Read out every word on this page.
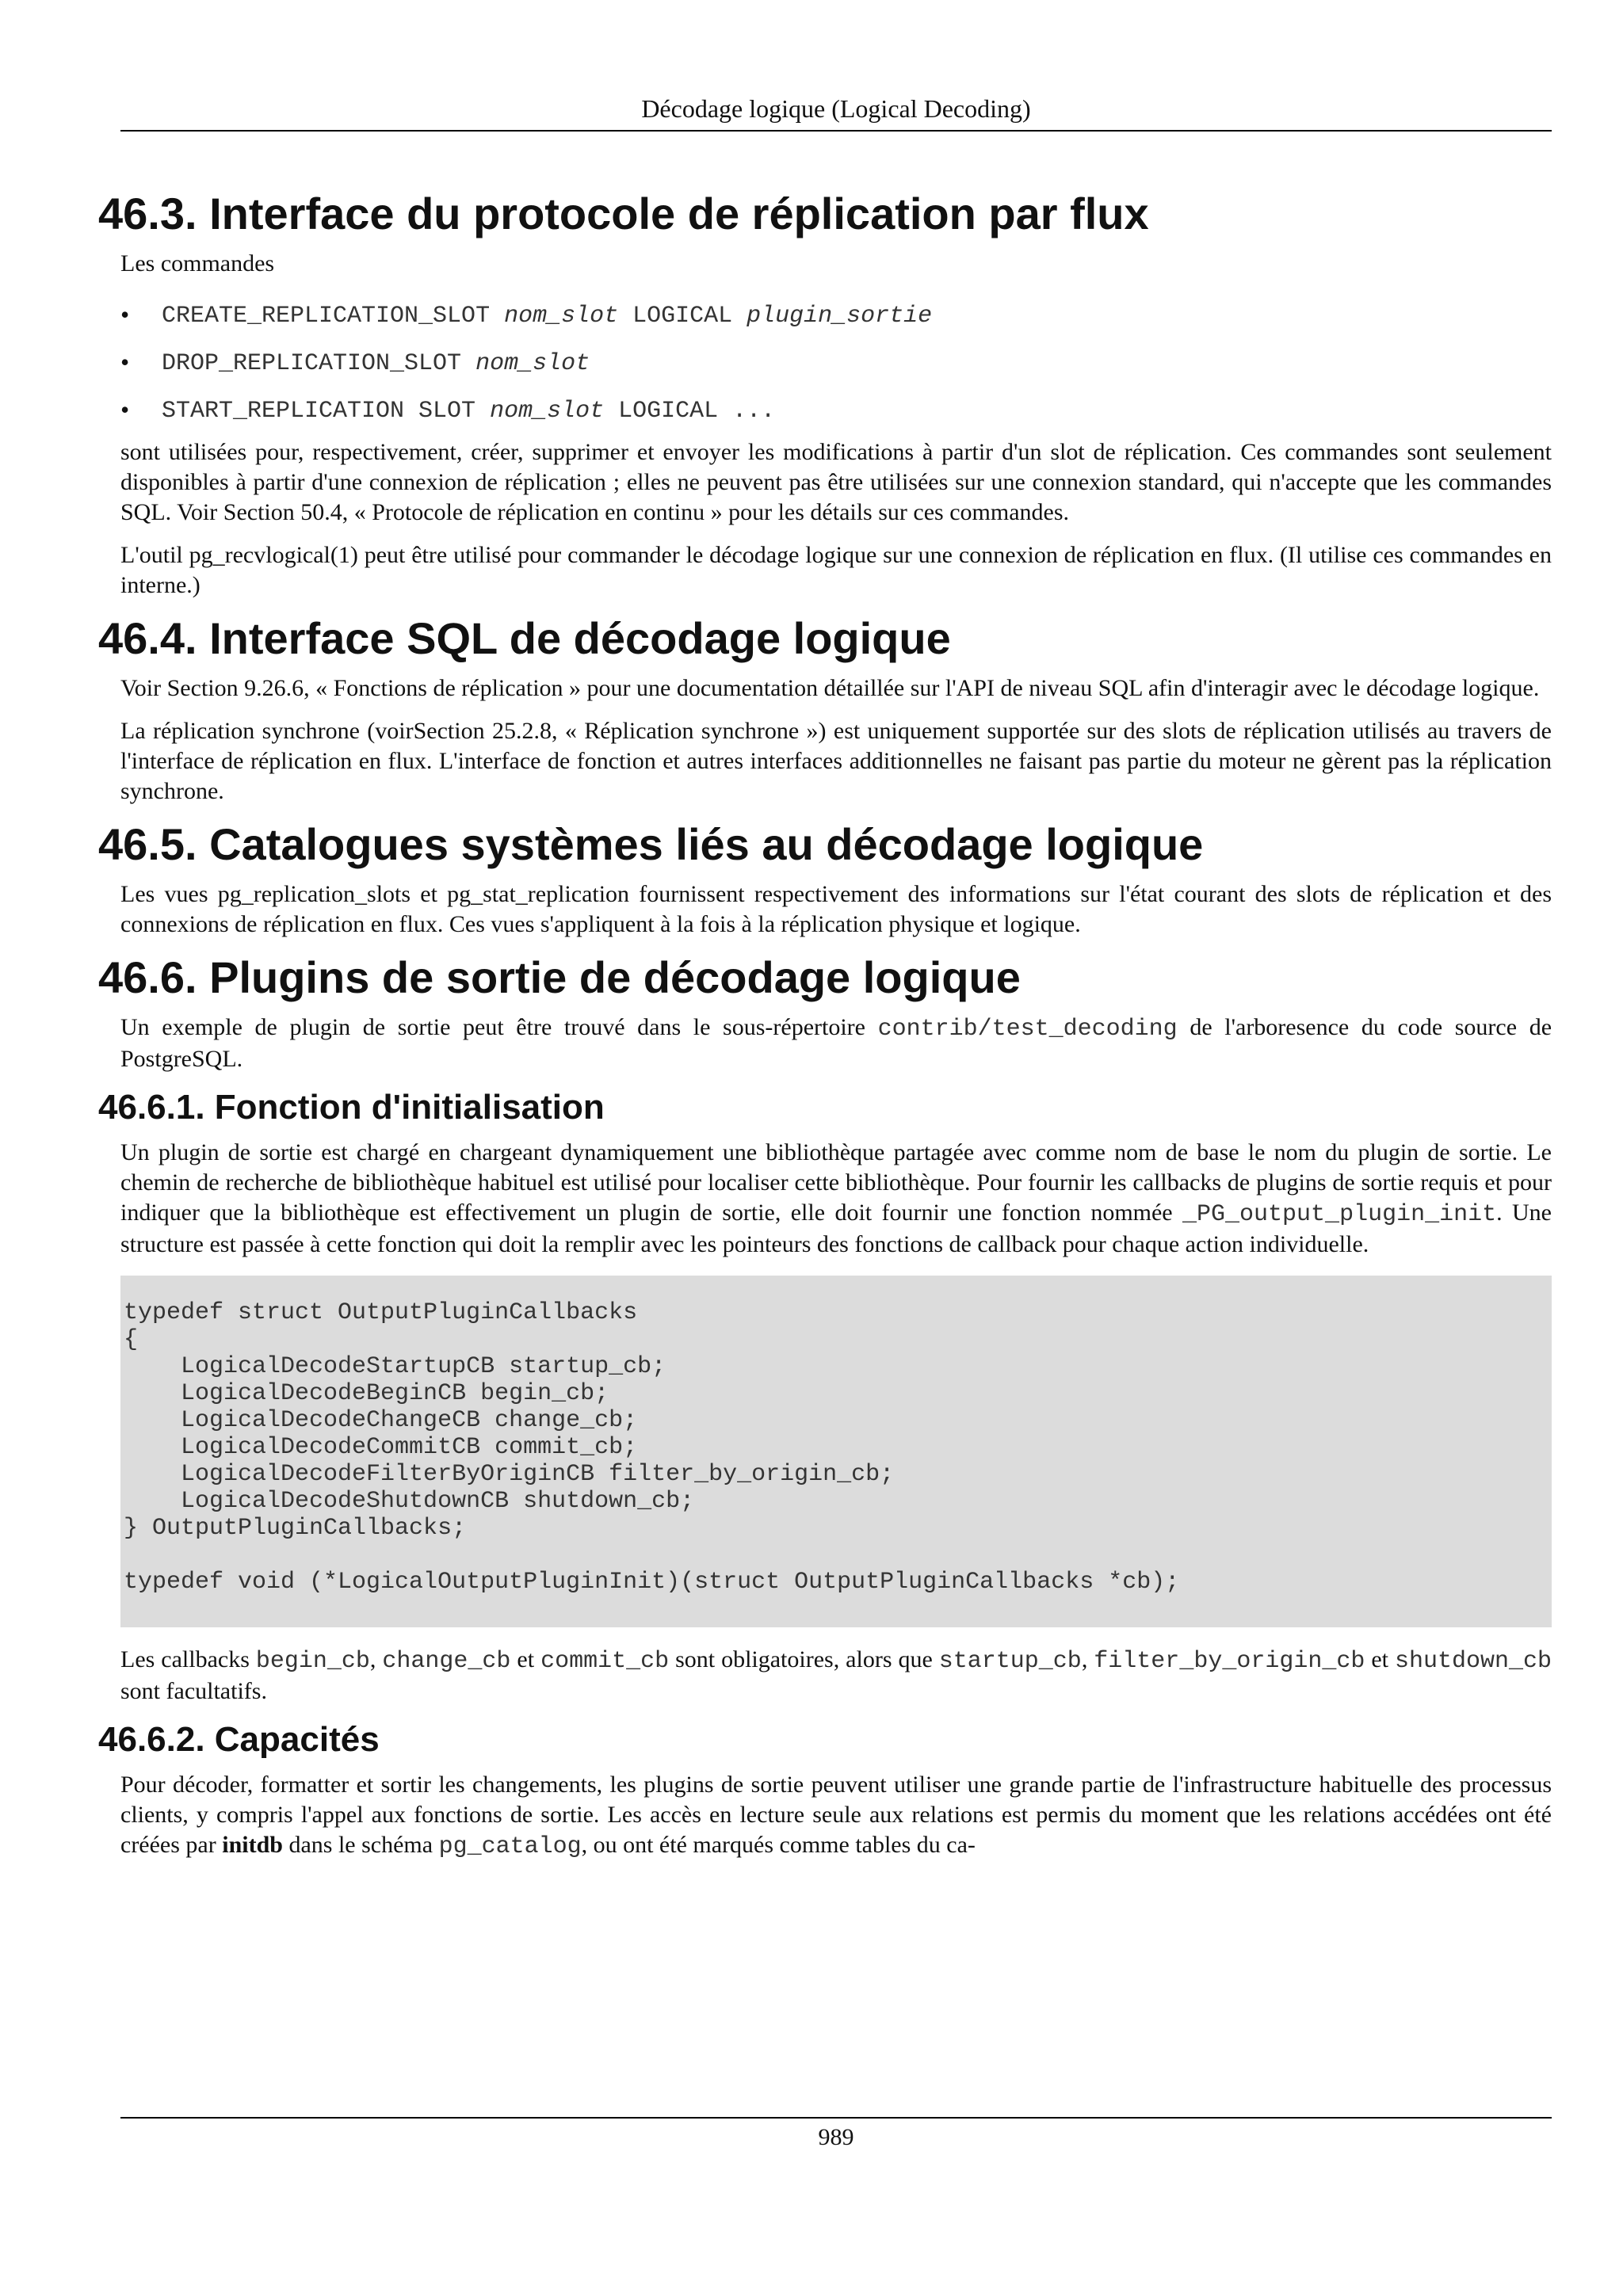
Décodage logique (Logical Decoding)
46.3. Interface du protocole de réplication par flux

Les commandes

• CREATE_REPLICATION_SLOT nom_slot LOGICAL plugin_sortie
• DROP_REPLICATION_SLOT nom_slot
• START_REPLICATION SLOT nom_slot LOGICAL ...

sont utilisées pour, respectivement, créer, supprimer et envoyer les modifications à partir d'un slot de réplication. Ces commandes sont seulement disponibles à partir d'une connexion de réplication ; elles ne peuvent pas être utilisées sur une connexion standard, qui n'accepte que les commandes SQL. Voir Section 50.4, « Protocole de réplication en continu » pour les détails sur ces commandes.

L'outil pg_recvlogical(1) peut être utilisé pour commander le décodage logique sur une connexion de réplication en flux. (Il utilise ces commandes en interne.)

46.4. Interface SQL de décodage logique

Voir Section 9.26.6, « Fonctions de réplication » pour une documentation détaillée sur l'API de niveau SQL afin d'interagir avec le décodage logique.

La réplication synchrone (voirSection 25.2.8, « Réplication synchrone ») est uniquement supportée sur des slots de réplication utilisés au travers de l'interface de réplication en flux. L'interface de fonction et autres interfaces additionnelles ne faisant pas partie du moteur ne gèrent pas la réplication synchrone.

46.5. Catalogues systèmes liés au décodage logique

Les vues pg_replication_slots et pg_stat_replication fournissent respectivement des informations sur l'état courant des slots de réplication et des connexions de réplication en flux. Ces vues s'appliquent à la fois à la réplication physique et logique.

46.6. Plugins de sortie de décodage logique

Un exemple de plugin de sortie peut être trouvé dans le sous-répertoire contrib/test_decoding de l'arboresence du code source de PostgreSQL.

46.6.1. Fonction d'initialisation

Un plugin de sortie est chargé en chargeant dynamiquement une bibliothèque partagée avec comme nom de base le nom du plugin de sortie. Le chemin de recherche de bibliothèque habituel est utilisé pour localiser cette bibliothèque. Pour fournir les callbacks de plugins de sortie requis et pour indiquer que la bibliothèque est effectivement un plugin de sortie, elle doit fournir une fonction nommée _PG_output_plugin_init. Une structure est passée à cette fonction qui doit la remplir avec les pointeurs des fonctions de callback pour chaque action individuelle.

typedef struct OutputPluginCallbacks
{
LogicalDecodeStartupCB startup_cb;
LogicalDecodeBeginCB begin_cb;
LogicalDecodeChangeCB change_cb;
LogicalDecodeCommitCB commit_cb;
LogicalDecodeFilterByOriginCB filter_by_origin_cb;
LogicalDecodeShutdownCB shutdown_cb;
} OutputPluginCallbacks;

typedef void (*LogicalOutputPluginInit)(struct OutputPluginCallbacks *cb);

Les callbacks begin_cb, change_cb et commit_cb sont obligatoires, alors que startup_cb, filter_by_origin_cb et shutdown_cb sont facultatifs.

46.6.2. Capacités

Pour décoder, formatter et sortir les changements, les plugins de sortie peuvent utiliser une grande partie de l'infrastructure habituelle des processus clients, y compris l'appel aux fonctions de sortie. Les accès en lecture seule aux relations est permis du moment que les relations accédées ont été créées par initdb dans le schéma pg_catalog, ou ont été marqués comme tables du ca-

989
